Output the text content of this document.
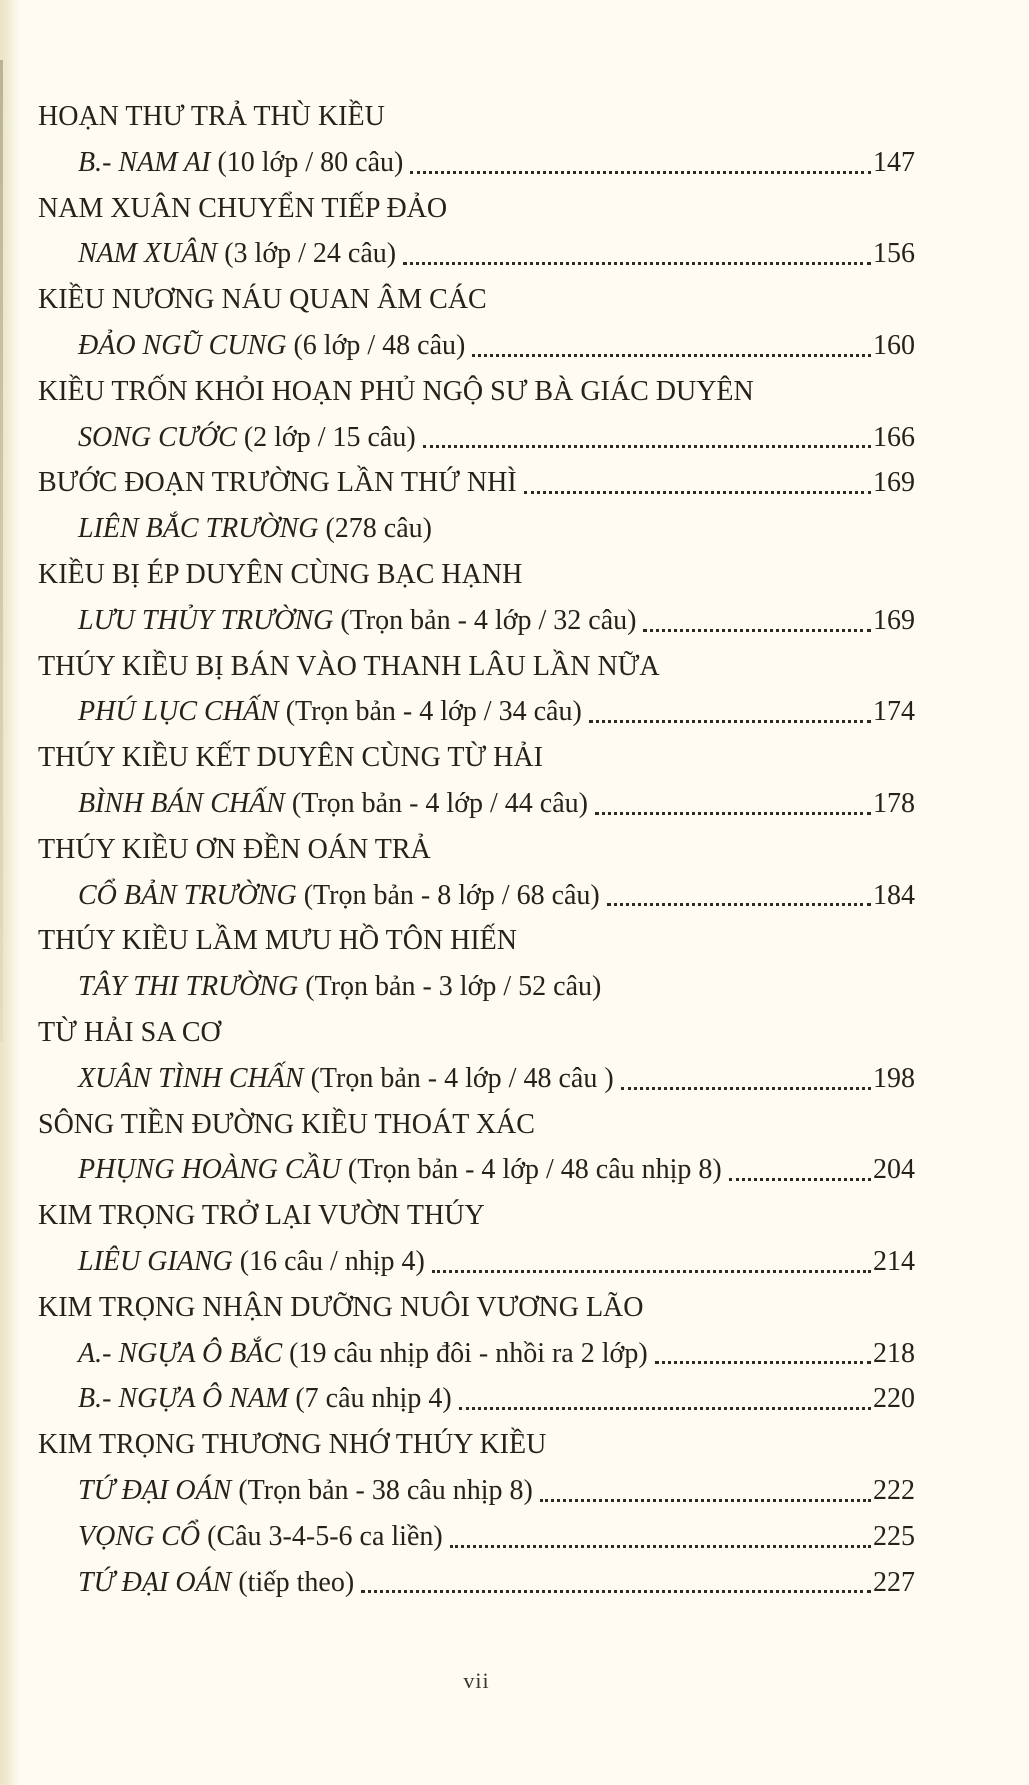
HOẠN THƯ TRẢ THÙ KIỀU
B.- NAM AI (10 lớp / 80 câu)	147
NAM XUÂN CHUYỂN TIẾP ĐẢO
NAM XUÂN (3 lớp / 24 câu)	156
KIỀU NƯƠNG NÁU QUAN ÂM CÁC
ĐẢO NGŨ CUNG (6 lớp / 48 câu)	160
KIỀU TRỐN KHỎI HOẠN PHỦ NGỘ SƯ BÀ GIÁC DUYÊN
SONG CƯỚC (2 lớp / 15 câu)	166
BƯỚC ĐOẠN TRƯỜNG LẦN THỨ NHÌ	169
LIÊN BẮC TRƯỜNG (278 câu)
KIỀU BỊ ÉP DUYÊN CÙNG BẠC HẠNH
LƯU THỦY TRƯỜNG (Trọn bản - 4 lớp / 32 câu)	169
THÚY KIỀU BỊ BÁN VÀO THANH LÂU LẦN NỮA
PHÚ LỤC CHẤN (Trọn bản - 4 lớp / 34 câu)	174
THÚY KIỀU KẾT DUYÊN CÙNG TỪ HẢI
BÌNH BÁN CHẤN (Trọn bản - 4 lớp / 44 câu)	178
THÚY KIỀU ƠN ĐỀN OÁN TRẢ
CỔ BẢN TRƯỜNG (Trọn bản - 8 lớp / 68 câu)	184
THÚY KIỀU LẦM MƯU HỒ TÔN HIẾN
TÂY THI TRƯỜNG (Trọn bản - 3 lớp / 52 câu)
TỪ HẢI SA CƠ
XUÂN TÌNH CHẤN (Trọn bản - 4 lớp / 48 câu )	198
SÔNG TIỀN ĐƯỜNG KIỀU THOÁT XÁC
PHỤNG HOÀNG CẦU (Trọn bản - 4 lớp / 48 câu nhịp 8)	204
KIM TRỌNG TRỞ LẠI VƯỜN THÚY
LIÊU GIANG (16 câu / nhịp 4)	214
KIM TRỌNG NHẬN DƯỠNG NUÔI VƯƠNG LÃO
A.- NGỰA Ô BẮC (19 câu nhịp đôi - nhồi ra 2 lớp)	218
B.- NGỰA Ô NAM (7 câu nhịp 4)	220
KIM TRỌNG THƯƠNG NHỚ THÚY KIỀU
TỨ ĐẠI OÁN (Trọn bản - 38 câu nhịp 8)	222
VỌNG CỔ (Câu 3-4-5-6 ca liền)	225
TỨ ĐẠI OÁN (tiếp theo)	227
vii
